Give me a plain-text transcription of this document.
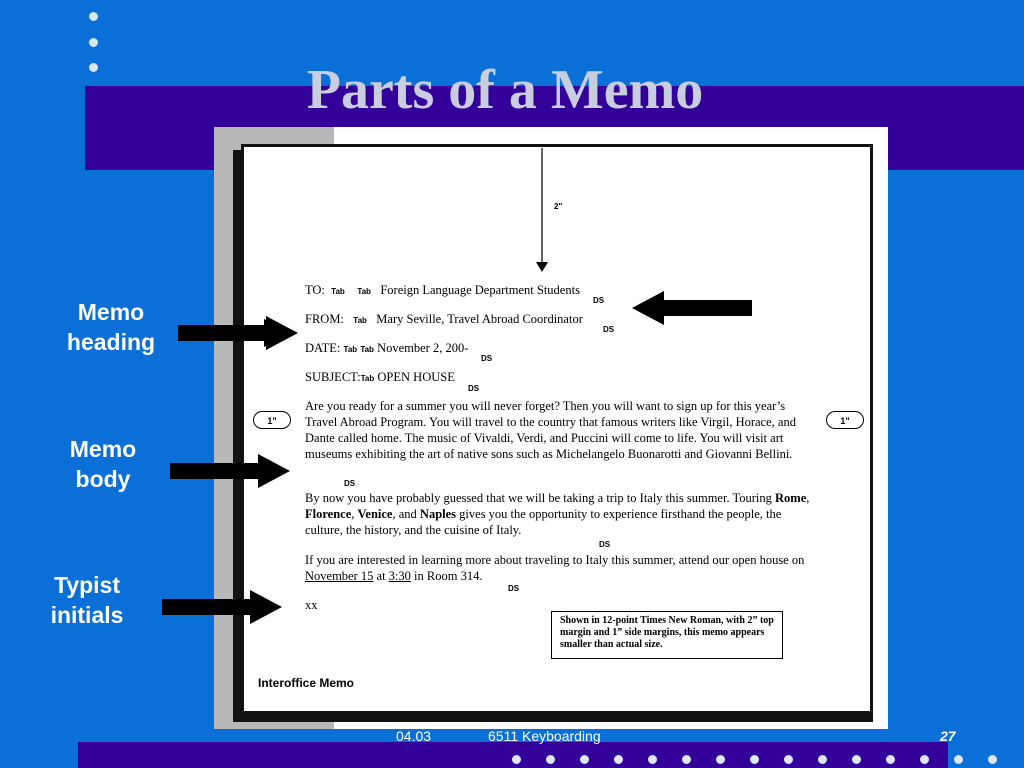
Parts of a Memo
2"
TO: Tab Tab Foreign Language Department Students
DS
FROM: Tab Mary Seville, Travel Abroad Coordinator
DS
DATE: Tab Tab November 2, 200-
DS
SUBJECT:Tab OPEN HOUSE
DS
Are you ready for a summer you will never forget? Then you will want to sign up for this year’s Travel Abroad Program. You will travel to the country that famous writers like Virgil, Horace, and Dante called home. The music of Vivaldi, Verdi, and Puccini will come to life. You will visit art museums exhibiting the art of native sons such as Michelangelo Buonarotti and Giovanni Bellini.
DS
By now you have probably guessed that we will be taking a trip to Italy this summer. Touring Rome, Florence, Venice, and Naples gives you the opportunity to experience firsthand the people, the culture, the history, and the cuisine of Italy.
DS
If you are interested in learning more about traveling to Italy this summer, attend our open house on November 15 at 3:30 in Room 314.
DS
xx
1"	1"
Shown in 12-point Times New Roman, with 2” top margin and 1” side margins, this memo appears smaller than actual size.
Interoffice Memo
Memo
heading
Memo
body
Typist
initials
04.03	6511 Keyboarding	27
